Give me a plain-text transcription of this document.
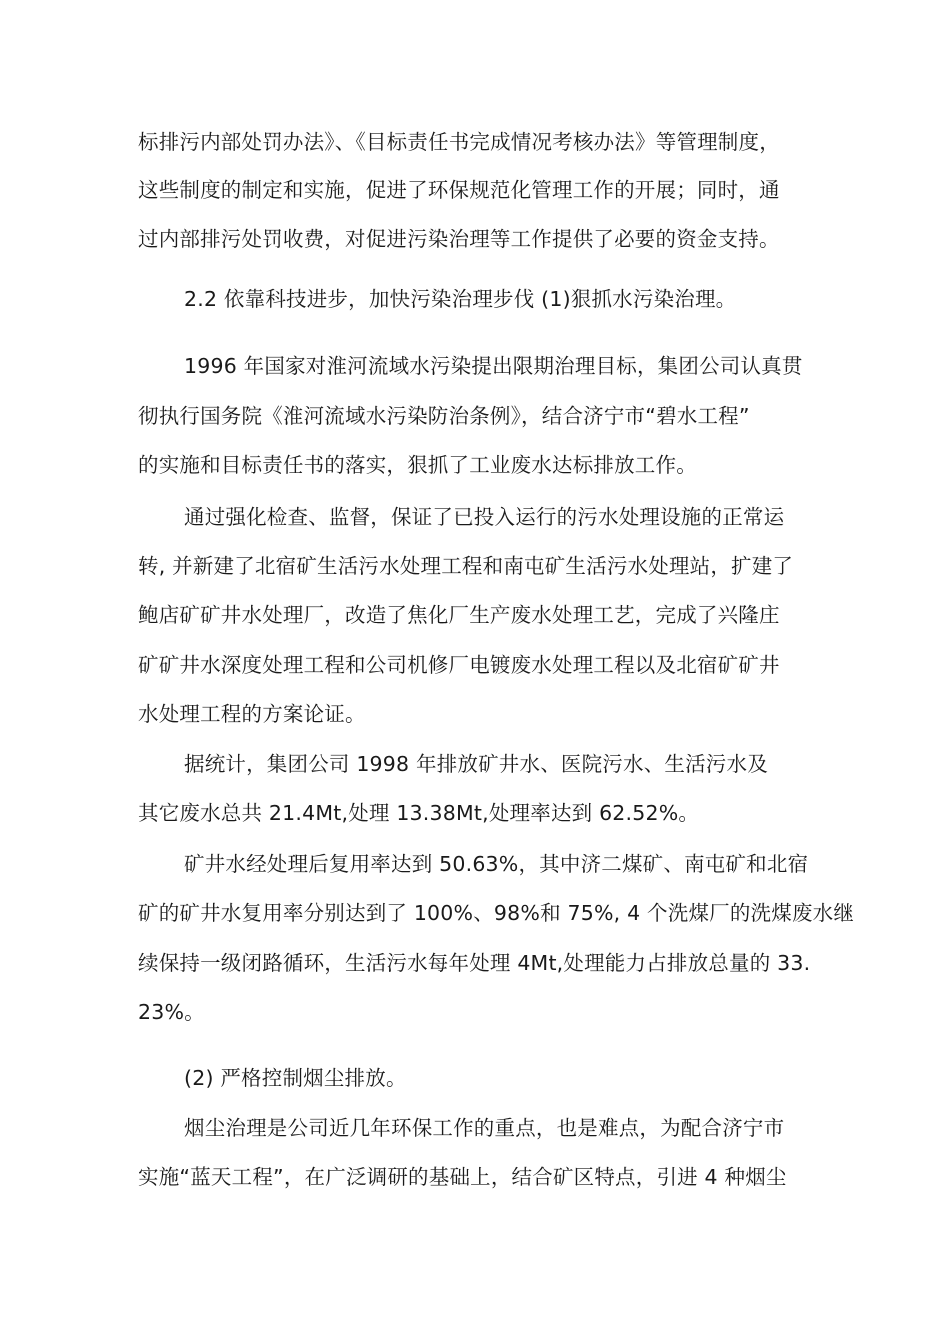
标排污内部处罚办法》、《目标责任书完成情况考核办法》等管理制度，
这些制度的制定和实施，促进了环保规范化管理工作的开展；同时，通
过内部排污处罚收费，对促进污染治理等工作提供了必要的资金支持。
2.2 依靠科技进步，加快污染治理步伐 (1)狠抓水污染治理。
1996 年国家对淮河流域水污染提出限期治理目标，集团公司认真贯
彻执行国务院《淮河流域水污染防治条例》，结合济宁市“碧水工程”
的实施和目标责任书的落实，狠抓了工业废水达标排放工作。
通过强化检查、监督，保证了已投入运行的污水处理设施的正常运
转, 并新建了北宿矿生活污水处理工程和南屯矿生活污水处理站，扩建了
鲍店矿矿井水处理厂，改造了焦化厂生产废水处理工艺，完成了兴隆庄
矿矿井水深度处理工程和公司机修厂电镀废水处理工程以及北宿矿矿井
水处理工程的方案论证。
据统计，集团公司 1998 年排放矿井水、医院污水、生活污水及
其它废水总共 21.4Mt,处理 13.38Mt,处理率达到 62.52%。
矿井水经处理后复用率达到 50.63%，其中济二煤矿、南屯矿和北宿
矿的矿井水复用率分别达到了 100%、98%和 75%, 4 个洗煤厂的洗煤废水继
续保持一级闭路循环，生活污水每年处理 4Mt,处理能力占排放总量的 33.
23%。
(2) 严格控制烟尘排放。
烟尘治理是公司近几年环保工作的重点，也是难点，为配合济宁市
实施“蓝天工程”，在广泛调研的基础上，结合矿区特点，引进 4 种烟尘
